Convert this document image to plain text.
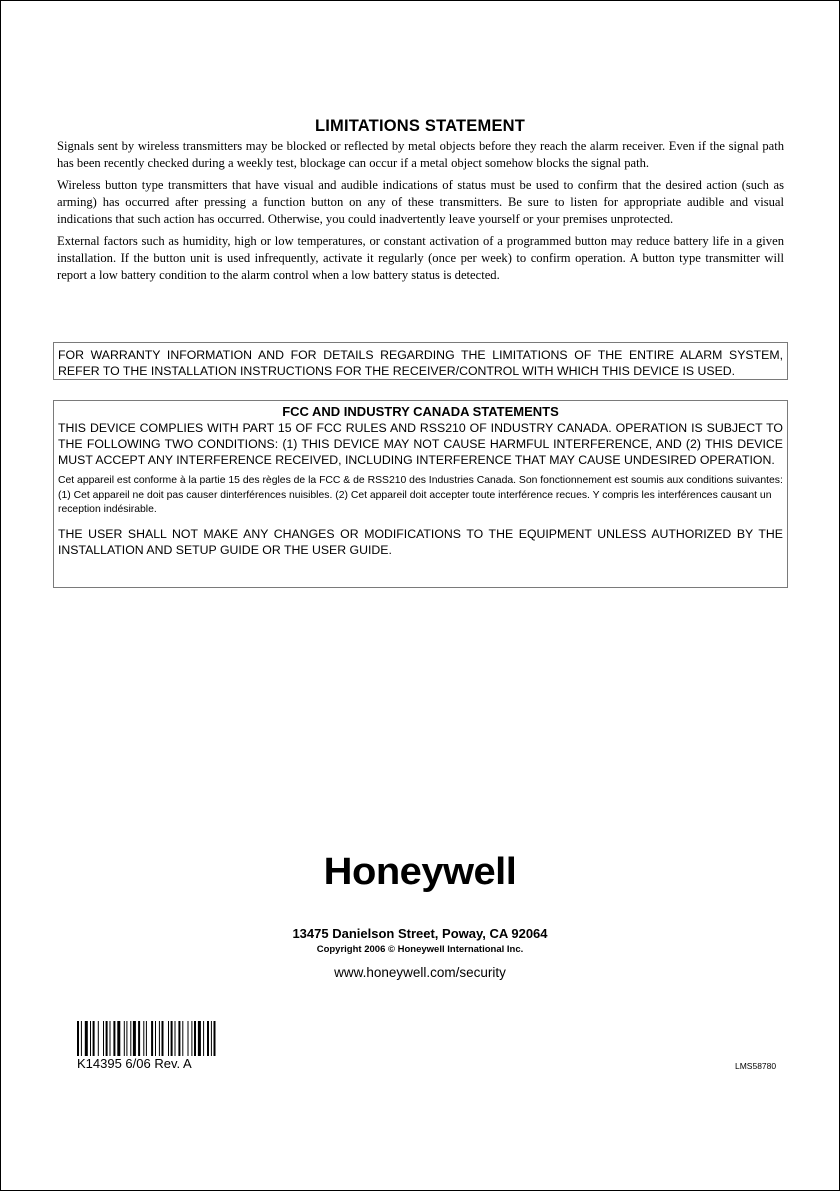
LIMITATIONS STATEMENT

Signals sent by wireless transmitters may be blocked or reflected by metal objects before they reach the alarm receiver. Even if the signal path has been recently checked during a weekly test, blockage can occur if a metal object somehow blocks the signal path.

Wireless button type transmitters that have visual and audible indications of status must be used to confirm that the desired action (such as arming) has occurred after pressing a function button on any of these transmitters. Be sure to listen for appropriate audible and visual indications that such action has occurred. Otherwise, you could inadvertently leave yourself or your premises unprotected.

External factors such as humidity, high or low temperatures, or constant activation of a programmed button may reduce battery life in a given installation. If the button unit is used infrequently, activate it regularly (once per week) to confirm operation. A button type transmitter will report a low battery condition to the alarm control when a low battery status is detected.

FOR WARRANTY INFORMATION AND FOR DETAILS REGARDING THE LIMITATIONS OF THE ENTIRE ALARM SYSTEM, REFER TO THE INSTALLATION INSTRUCTIONS FOR THE RECEIVER/CONTROL WITH WHICH THIS DEVICE IS USED.
FCC AND INDUSTRY CANADA STATEMENTS

THIS DEVICE COMPLIES WITH PART 15 OF FCC RULES AND RSS210 OF INDUSTRY CANADA. OPERATION IS SUBJECT TO THE FOLLOWING TWO CONDITIONS: (1) THIS DEVICE MAY NOT CAUSE HARMFUL INTERFERENCE, AND (2) THIS DEVICE MUST ACCEPT ANY INTERFERENCE RECEIVED, INCLUDING INTERFERENCE THAT MAY CAUSE UNDESIRED OPERATION.

Cet appareil est conforme à la partie 15 des règles de la FCC & de RSS210 des Industries Canada. Son fonctionnement est soumis aux conditions suivantes: (1) Cet appareil ne doit pas causer dinterférences nuisibles. (2) Cet appareil doit accepter toute interférence recues. Y compris les interférences causant un reception indésirable.

THE USER SHALL NOT MAKE ANY CHANGES OR MODIFICATIONS TO THE EQUIPMENT UNLESS AUTHORIZED BY THE INSTALLATION AND SETUP GUIDE OR THE USER GUIDE.

Honeywell
13475 Danielson Street, Poway, CA 92064
Copyright 2006 © Honeywell International Inc.
www.honeywell.com/security
K14395 6/06 Rev. A	LMS58780
